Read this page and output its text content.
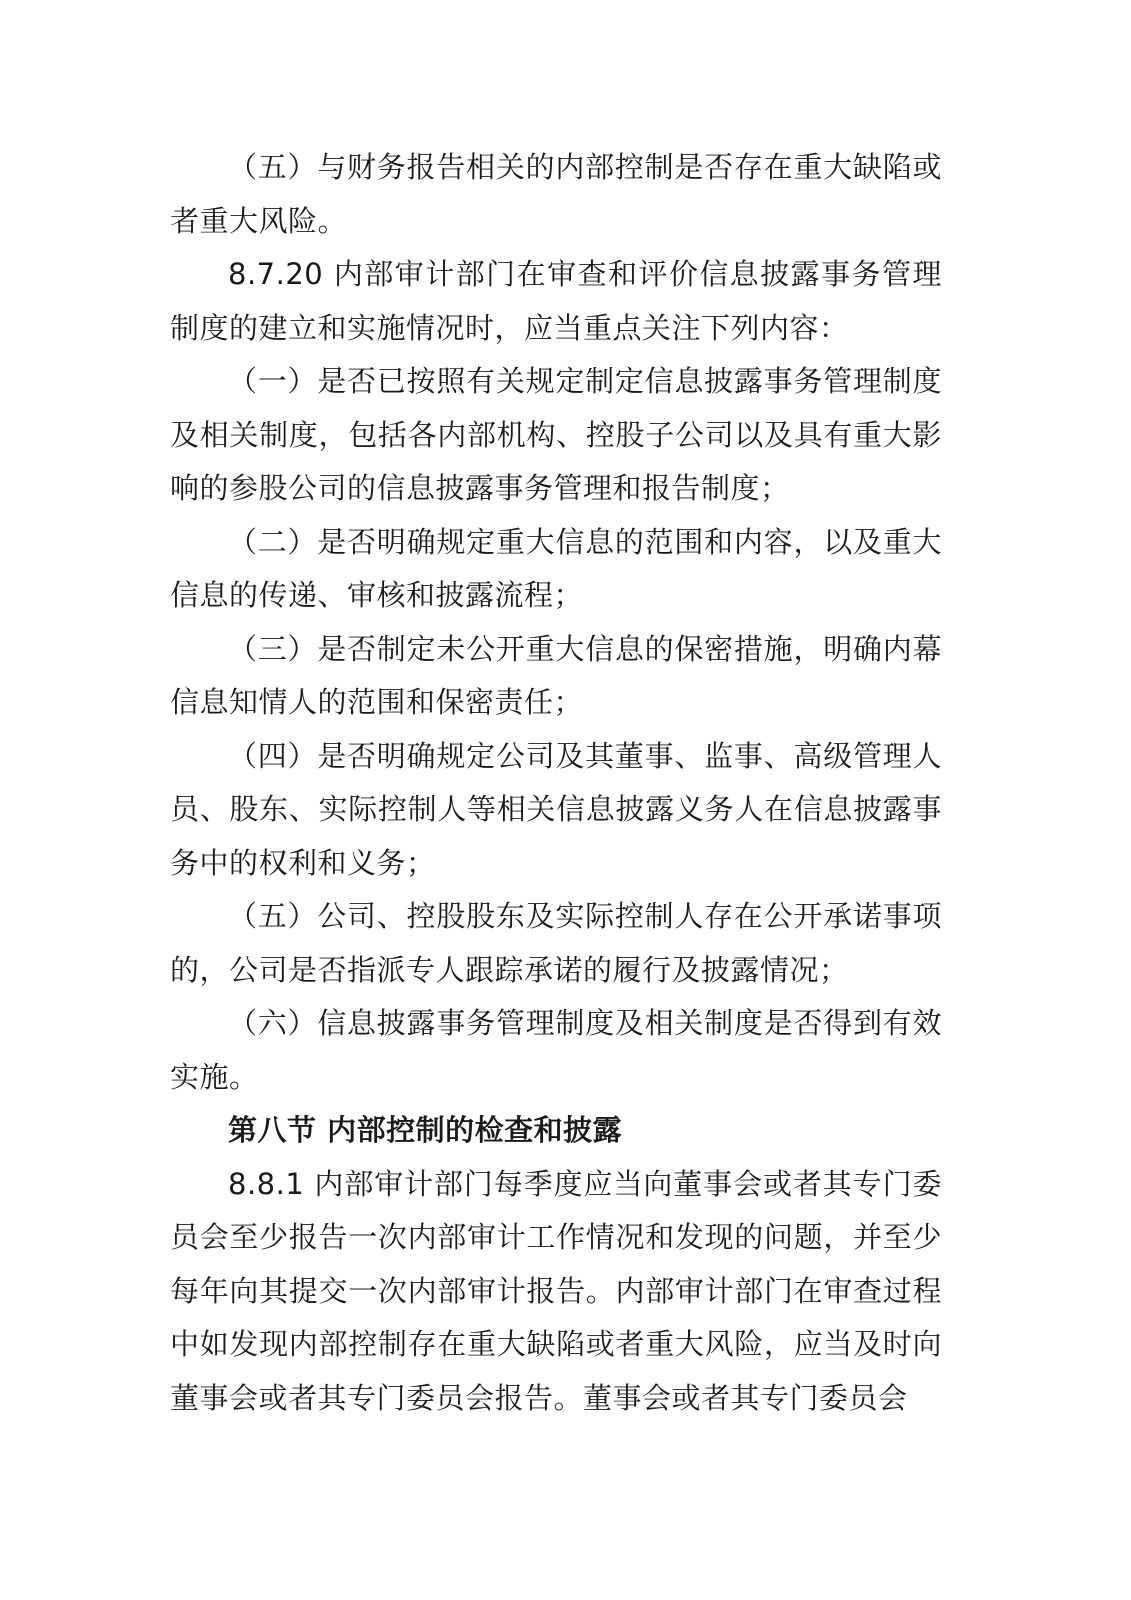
（五）与财务报告相关的内部控制是否存在重大缺陷或者重大风险。

8.7.20 内部审计部门在审查和评价信息披露事务管理制度的建立和实施情况时，应当重点关注下列内容：

（一）是否已按照有关规定制定信息披露事务管理制度及相关制度，包括各内部机构、控股子公司以及具有重大影响的参股公司的信息披露事务管理和报告制度；

（二）是否明确规定重大信息的范围和内容，以及重大信息的传递、审核和披露流程；

（三）是否制定未公开重大信息的保密措施，明确内幕信息知情人的范围和保密责任；

（四）是否明确规定公司及其董事、监事、高级管理人员、股东、实际控制人等相关信息披露义务人在信息披露事务中的权利和义务；

（五）公司、控股股东及实际控制人存在公开承诺事项的，公司是否指派专人跟踪承诺的履行及披露情况；

（六）信息披露事务管理制度及相关制度是否得到有效实施。

第八节 内部控制的检查和披露

8.8.1 内部审计部门每季度应当向董事会或者其专门委员会至少报告一次内部审计工作情况和发现的问题，并至少每年向其提交一次内部审计报告。内部审计部门在审查过程中如发现内部控制存在重大缺陷或者重大风险，应当及时向董事会或者其专门委员会报告。董事会或者其专门委员会
